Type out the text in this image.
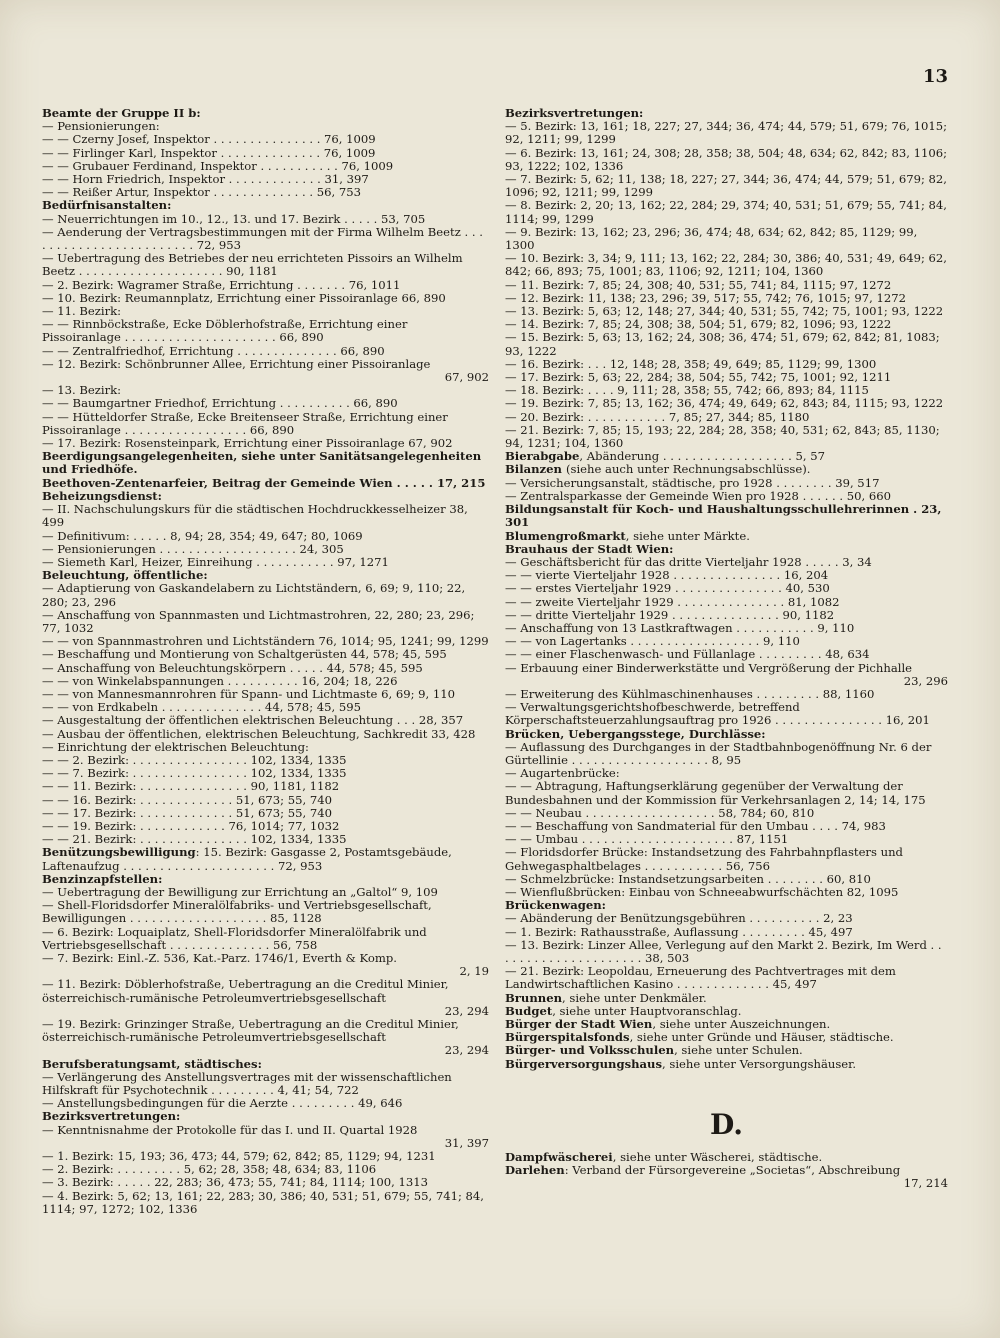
13
Beamte der Gruppe II b:
— Pensionierungen:
— — Czerny Josef, Inspektor . . . . . . . . . . . . . . . 76, 1009
— — Firlinger Karl, Inspektor . . . . . . . . . . . . . . 76, 1009
— — Grubauer Ferdinand, Inspektor . . . . . . . . . . . 76, 1009
— — Horn Friedrich, Inspektor . . . . . . . . . . . . . 31, 397
— — Reißer Artur, Inspektor . . . . . . . . . . . . . . 56, 753
Bedürfnisanstalten:
— Neuerrichtungen im 10., 12., 13. und 17. Bezirk . . . . . 53, 705
— Aenderung der Vertragsbestimmungen mit der Firma Wilhelm Beetz . . . . . . . . . . . . . . . . . . . . . . . . 72, 953
— Uebertragung des Betriebes der neu errichteten Pissoirs an Wilhelm Beetz . . . . . . . . . . . . . . . . . . . . 90, 1181
— 2. Bezirk: Wagramer Straße, Errichtung . . . . . . . 76, 1011
— 10. Bezirk: Reumannplatz, Errichtung einer Pissoiranlage 66, 890
— 11. Bezirk:
— — Rinnböckstraße, Ecke Döblerhofstraße, Errichtung einer Pissoiranlage . . . . . . . . . . . . . . . . . . . . . 66, 890
— — Zentralfriedhof, Errichtung . . . . . . . . . . . . . . 66, 890
— 12. Bezirk: Schönbrunner Allee, Errichtung einer Pissoiranlage
67, 902
— 13. Bezirk:
— — Baumgartner Friedhof, Errichtung . . . . . . . . . . 66, 890
— — Hütteldorfer Straße, Ecke Breitenseer Straße, Errichtung einer Pissoiranlage . . . . . . . . . . . . . . . . . 66, 890
— 17. Bezirk: Rosensteinpark, Errichtung einer Pissoiranlage 67, 902
Beerdigungsangelegenheiten, siehe unter Sanitätsangelegenheiten und Friedhöfe.
Beethoven-Zentenarfeier, Beitrag der Gemeinde Wien . . . . . 17, 215
Beheizungsdienst:
— II. Nachschulungskurs für die städtischen Hochdruckkesselheizer 38, 499
— Definitivum: . . . . . 8, 94; 28, 354; 49, 647; 80, 1069
— Pensionierungen . . . . . . . . . . . . . . . . . . . 24, 305
— Siemeth Karl, Heizer, Einreihung . . . . . . . . . . . 97, 1271
Beleuchtung, öffentliche:
— Adaptierung von Gaskandelabern zu Lichtständern, 6, 69; 9, 110; 22, 280; 23, 296
— Anschaffung von Spannmasten und Lichtmastrohren, 22, 280; 23, 296; 77, 1032
— — von Spannmastrohren und Lichtständern 76, 1014; 95, 1241; 99, 1299
— Beschaffung und Montierung von Schaltgerüsten 44, 578; 45, 595
— Anschaffung von Beleuchtungskörpern . . . . . 44, 578; 45, 595
— — von Winkelabspannungen . . . . . . . . . . 16, 204; 18, 226
— — von Mannesmannrohren für Spann- und Lichtmaste 6, 69; 9, 110
— — von Erdkabeln . . . . . . . . . . . . . . 44, 578; 45, 595
— Ausgestaltung der öffentlichen elektrischen Beleuchtung . . . 28, 357
— Ausbau der öffentlichen, elektrischen Beleuchtung, Sachkredit 33, 428
— Einrichtung der elektrischen Beleuchtung:
— — 2. Bezirk: . . . . . . . . . . . . . . . . 102, 1334, 1335
— — 7. Bezirk: . . . . . . . . . . . . . . . . 102, 1334, 1335
— — 11. Bezirk: . . . . . . . . . . . . . . . 90, 1181, 1182
— — 16. Bezirk: . . . . . . . . . . . . . 51, 673; 55, 740
— — 17. Bezirk: . . . . . . . . . . . . . 51, 673; 55, 740
— — 19. Bezirk: . . . . . . . . . . . . 76, 1014; 77, 1032
— — 21. Bezirk: . . . . . . . . . . . . . . . 102, 1334, 1335
Benützungsbewilligung: 15. Bezirk: Gasgasse 2, Postamtsgebäude, Laftenaufzug . . . . . . . . . . . . . . . . . . . . . 72, 953
Benzinzapfstellen:
— Uebertragung der Bewilligung zur Errichtung an „Galtol“ 9, 109
— Shell-Floridsdorfer Mineralölfabriks- und Vertriebsgesellschaft, Bewilligungen . . . . . . . . . . . . . . . . . . . 85, 1128
— 6. Bezirk: Loquaiplatz, Shell-Floridsdorfer Mineralölfabrik und Vertriebsgesellschaft . . . . . . . . . . . . . . 56, 758
— 7. Bezirk: Einl.-Z. 536, Kat.-Parz. 1746/1, Everth & Komp.
2, 19
— 11. Bezirk: Döblerhofstraße, Uebertragung an die Creditul Minier, österreichisch-rumänische Petroleumvertriebsgesellschaft
23, 294
— 19. Bezirk: Grinzinger Straße, Uebertragung an die Creditul Minier, österreichisch-rumänische Petroleumvertriebsgesellschaft
23, 294
Berufsberatungsamt, städtisches:
— Verlängerung des Anstellungsvertrages mit der wissenschaftlichen Hilfskraft für Psychotechnik . . . . . . . . . 4, 41; 54, 722
— Anstellungsbedingungen für die Aerzte . . . . . . . . . 49, 646
Bezirksvertretungen:
— Kenntnisnahme der Protokolle für das I. und II. Quartal 1928
31, 397
— 1. Bezirk: 15, 193; 36, 473; 44, 579; 62, 842; 85, 1129; 94, 1231
— 2. Bezirk: . . . . . . . . . 5, 62; 28, 358; 48, 634; 83, 1106
— 3. Bezirk: . . . . . 22, 283; 36, 473; 55, 741; 84, 1114; 100, 1313
— 4. Bezirk: 5, 62; 13, 161; 22, 283; 30, 386; 40, 531; 51, 679; 55, 741; 84, 1114; 97, 1272; 102, 1336
Bezirksvertretungen:
— 5. Bezirk: 13, 161; 18, 227; 27, 344; 36, 474; 44, 579; 51, 679; 76, 1015; 92, 1211; 99, 1299
— 6. Bezirk: 13, 161; 24, 308; 28, 358; 38, 504; 48, 634; 62, 842; 83, 1106; 93, 1222; 102, 1336
— 7. Bezirk: 5, 62; 11, 138; 18, 227; 27, 344; 36, 474; 44, 579; 51, 679; 82, 1096; 92, 1211; 99, 1299
— 8. Bezirk: 2, 20; 13, 162; 22, 284; 29, 374; 40, 531; 51, 679; 55, 741; 84, 1114; 99, 1299
— 9. Bezirk: 13, 162; 23, 296; 36, 474; 48, 634; 62, 842; 85, 1129; 99, 1300
— 10. Bezirk: 3, 34; 9, 111; 13, 162; 22, 284; 30, 386; 40, 531; 49, 649; 62, 842; 66, 893; 75, 1001; 83, 1106; 92, 1211; 104, 1360
— 11. Bezirk: 7, 85; 24, 308; 40, 531; 55, 741; 84, 1115; 97, 1272
— 12. Bezirk: 11, 138; 23, 296; 39, 517; 55, 742; 76, 1015; 97, 1272
— 13. Bezirk: 5, 63; 12, 148; 27, 344; 40, 531; 55, 742; 75, 1001; 93, 1222
— 14. Bezirk: 7, 85; 24, 308; 38, 504; 51, 679; 82, 1096; 93, 1222
— 15. Bezirk: 5, 63; 13, 162; 24, 308; 36, 474; 51, 679; 62, 842; 81, 1083; 93, 1222
— 16. Bezirk: . . . 12, 148; 28, 358; 49, 649; 85, 1129; 99, 1300
— 17. Bezirk: 5, 63; 22, 284; 38, 504; 55, 742; 75, 1001; 92, 1211
— 18. Bezirk: . . . . 9, 111; 28, 358; 55, 742; 66, 893; 84, 1115
— 19. Bezirk: 7, 85; 13, 162; 36, 474; 49, 649; 62, 843; 84, 1115; 93, 1222
— 20. Bezirk: . . . . . . . . . . . 7, 85; 27, 344; 85, 1180
— 21. Bezirk: 7, 85; 15, 193; 22, 284; 28, 358; 40, 531; 62, 843; 85, 1130; 94, 1231; 104, 1360
Bierabgabe, Abänderung . . . . . . . . . . . . . . . . . . 5, 57
Bilanzen (siehe auch unter Rechnungsabschlüsse).
— Versicherungsanstalt, städtische, pro 1928 . . . . . . . . 39, 517
— Zentralsparkasse der Gemeinde Wien pro 1928 . . . . . . 50, 660
Bildungsanstalt für Koch- und Haushaltungsschullehrerinnen . 23, 301
Blumengroßmarkt, siehe unter Märkte.
Brauhaus der Stadt Wien:
— Geschäftsbericht für das dritte Vierteljahr 1928 . . . . . 3, 34
— — vierte Vierteljahr 1928 . . . . . . . . . . . . . . . 16, 204
— — erstes Vierteljahr 1929 . . . . . . . . . . . . . . . 40, 530
— — zweite Vierteljahr 1929 . . . . . . . . . . . . . . . 81, 1082
— — dritte Vierteljahr 1929 . . . . . . . . . . . . . . . 90, 1182
— Anschaffung von 13 Lastkraftwagen . . . . . . . . . . . 9, 110
— — von Lagertanks . . . . . . . . . . . . . . . . . . 9, 110
— — einer Flaschenwasch- und Füllanlage . . . . . . . . . 48, 634
— Erbauung einer Binderwerkstätte und Vergrößerung der Pichhalle
23, 296
— Erweiterung des Kühlmaschinenhauses . . . . . . . . . 88, 1160
— Verwaltungsgerichtshofbeschwerde, betreffend Körperschaftsteuerzahlungsauftrag pro 1926 . . . . . . . . . . . . . . . 16, 201
Brücken, Uebergangsstege, Durchlässe:
— Auflassung des Durchganges in der Stadtbahnbogenöffnung Nr. 6 der Gürtellinie . . . . . . . . . . . . . . . . . . . 8, 95
— Augartenbrücke:
— — Abtragung, Haftungserklärung gegenüber der Verwaltung der Bundesbahnen und der Kommission für Verkehrsanlagen 2, 14; 14, 175
— — Neubau . . . . . . . . . . . . . . . . . . 58, 784; 60, 810
— — Beschaffung von Sandmaterial für den Umbau . . . . 74, 983
— — Umbau . . . . . . . . . . . . . . . . . . . . . 87, 1151
— Floridsdorfer Brücke: Instandsetzung des Fahrbahnpflasters und Gehwegasphaltbelages . . . . . . . . . . . 56, 756
— Schmelzbrücke: Instandsetzungsarbeiten . . . . . . . . 60, 810
— Wienflußbrücken: Einbau von Schneeabwurfschächten 82, 1095
Brückenwagen:
— Abänderung der Benützungsgebühren . . . . . . . . . . 2, 23
— 1. Bezirk: Rathausstraße, Auflassung . . . . . . . . . 45, 497
— 13. Bezirk: Linzer Allee, Verlegung auf den Markt 2. Bezirk, Im Werd . . . . . . . . . . . . . . . . . . . . . 38, 503
— 21. Bezirk: Leopoldau, Erneuerung des Pachtvertrages mit dem Landwirtschaftlichen Kasino . . . . . . . . . . . . . 45, 497
Brunnen, siehe unter Denkmäler.
Budget, siehe unter Hauptvoranschlag.
Bürger der Stadt Wien, siehe unter Auszeichnungen.
Bürgerspitalsfonds, siehe unter Gründe und Häuser, städtische.
Bürger- und Volksschulen, siehe unter Schulen.
Bürgerversorgungshaus, siehe unter Versorgungshäuser.
D.
Dampfwäscherei, siehe unter Wäscherei, städtische.
Darlehen: Verband der Fürsorgevereine „Societas“, Abschreibung
17, 214
